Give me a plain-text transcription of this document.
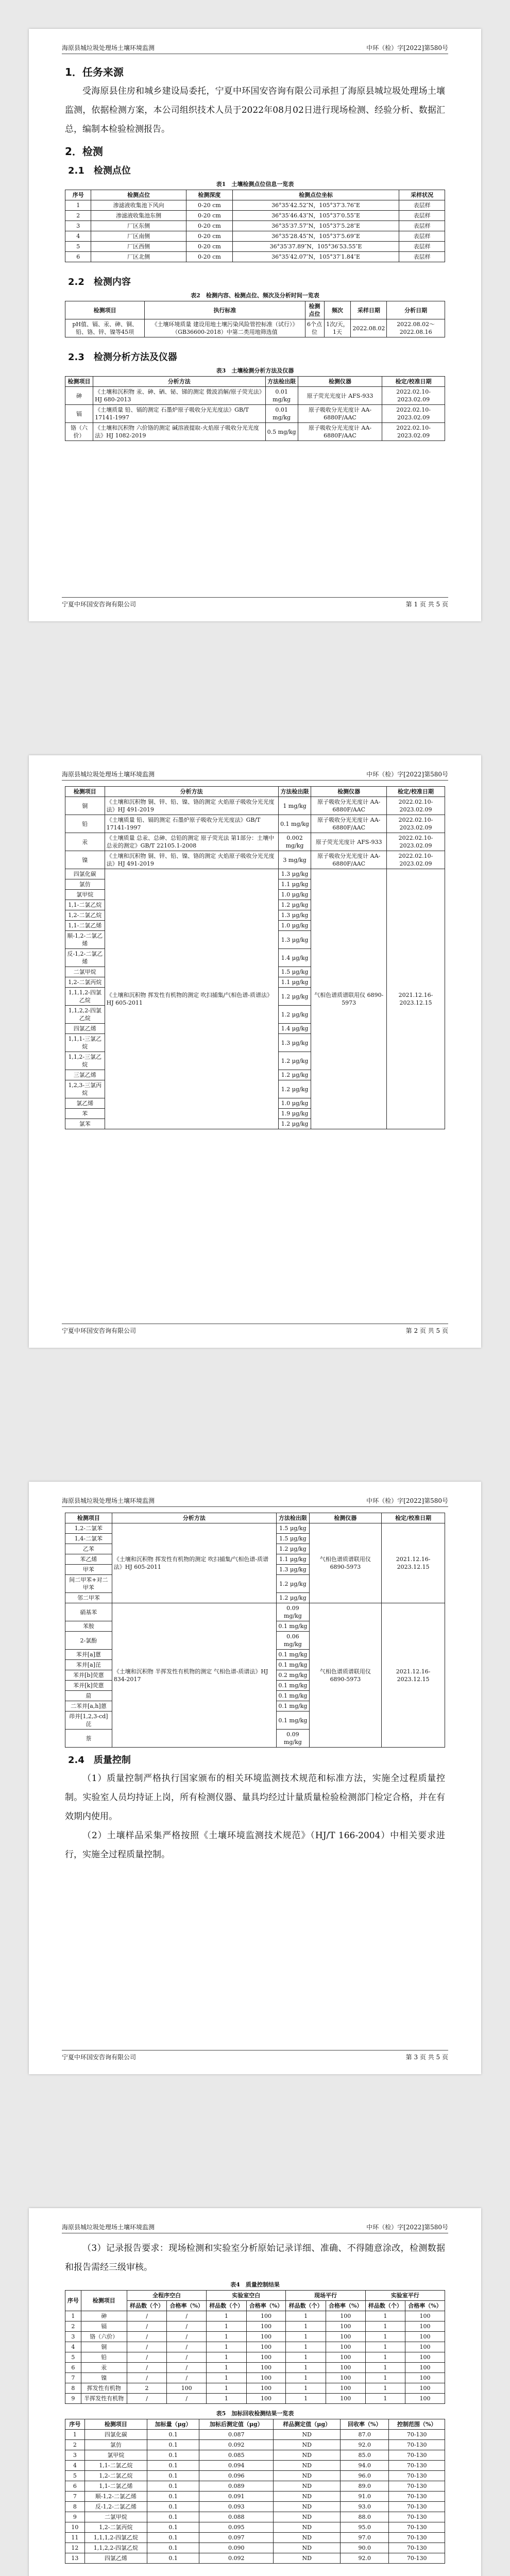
海原县城垃圾处理场土壤环境监测	中环（检）字[2022]第580号
1．任务来源

受海原县住房和城乡建设局委托，宁夏中环国安咨询有限公司承担了海原县城垃圾处理场土壤监测，依据检测方案，本公司组织技术人员于2022年08月02日进行现场检测、经验分析、数据汇总，编制本检验检测报告。

2．检测
2.1　检测点位
表1　土壤检测点位信息一览表
序号	检测点位	检测深度	检测点位坐标	采样状况
1	渗滤液收集池下风向	0-20 cm	36°35′42.52″N，105°37′3.76″E	表层样
2	渗滤液收集池东侧	0-20 cm	36°35′46.43″N，105°37′0.55″E	表层样
3	厂区东侧	0-20 cm	36°35′37.57″N，105°37′5.28″E	表层样
4	厂区南侧	0-20 cm	36°35′28.45″N，105°37′5.69″E	表层样
5	厂区西侧	0-20 cm	36°35′37.89″N，105°36′53.55″E	表层样
6	厂区北侧	0-20 cm	36°35′42.07″N，105°37′1.84″E	表层样
2.2　检测内容
表2　检测内容、检测点位、频次及分析时间一览表
检测项目	执行标准	检测点位	频次	采样日期	分析日期
pH值、镉、汞、砷、铜、铅、铬、锌、镍等45项	《土壤环境质量 建设用地土壤污染风险管控标准（试行）》（GB36600-2018）中第二类用地筛选值	6个点位	1次/天，1天	2022.08.02	2022.08.02～2022.08.16
2.3　检测分析方法及仪器
表3　土壤检测分析方法及仪器
检测项目	分析方法	方法检出限	检测仪器	检定/校准日期
砷	《土壤和沉积物 汞、砷、硒、铋、锑的测定 微波消解/原子荧光法》HJ 680-2013	0.01 mg/kg	原子荧光光度计 AFS-933	2022.02.10-2023.02.09
镉	《土壤质量 铅、镉的测定 石墨炉原子吸收分光光度法》GB/T 17141-1997	0.01 mg/kg	原子吸收分光光度计 AA-6880F/AAC	2022.02.10-2023.02.09
铬（六价）	《土壤和沉积物 六价铬的测定 碱溶液提取-火焰原子吸收分光光度法》HJ 1082-2019	0.5 mg/kg	原子吸收分光光度计 AA-6880F/AAC	2022.02.10-2023.02.09
宁夏中环国安咨询有限公司	第 1 页 共 5 页
海原县城垃圾处理场土壤环境监测	中环（检）字[2022]第580号
检测项目	分析方法	方法检出限	检测仪器	检定/校准日期
铜	《土壤和沉积物 铜、锌、铅、镍、铬的测定 火焰原子吸收分光光度法》HJ 491-2019	1 mg/kg	原子吸收分光光度计 AA-6880F/AAC	2022.02.10-2023.02.09
铅	《土壤质量 铅、镉的测定 石墨炉原子吸收分光光度法》GB/T 17141-1997	0.1 mg/kg	原子吸收分光光度计 AA-6880F/AAC	2022.02.10-2023.02.09
汞	《土壤质量 总汞、总砷、总铅的测定 原子荧光法 第1部分：土壤中总汞的测定》GB/T 22105.1-2008	0.002 mg/kg	原子荧光光度计 AFS-933	2022.02.10-2023.02.09
镍	《土壤和沉积物 铜、锌、铅、镍、铬的测定 火焰原子吸收分光光度法》HJ 491-2019	3 mg/kg	原子吸收分光光度计 AA-6880F/AAC	2022.02.10-2023.02.09
四氯化碳	《土壤和沉积物 挥发性有机物的测定 吹扫捕集/气相色谱-质谱法》HJ 605-2011	1.3 μg/kg	气相色谱质谱联用仪 6890-5973	2021.12.16-2023.12.15
氯仿		1.1 μg/kg		
氯甲烷		1.0 μg/kg		
1,1-二氯乙烷		1.2 μg/kg		
1,2-二氯乙烷		1.3 μg/kg		
1,1-二氯乙烯		1.0 μg/kg		
顺-1,2-二氯乙烯		1.3 μg/kg		
反-1,2-二氯乙烯		1.4 μg/kg		
二氯甲烷		1.5 μg/kg		
1,2-二氯丙烷		1.1 μg/kg		
1,1,1,2-四氯乙烷		1.2 μg/kg		
1,1,2,2-四氯乙烷		1.2 μg/kg		
四氯乙烯		1.4 μg/kg		
1,1,1-三氯乙烷		1.3 μg/kg		
1,1,2-三氯乙烷		1.2 μg/kg		
三氯乙烯		1.2 μg/kg		
1,2,3-三氯丙烷		1.2 μg/kg		
氯乙烯		1.0 μg/kg		
苯		1.9 μg/kg		
氯苯		1.2 μg/kg		
宁夏中环国安咨询有限公司	第 2 页 共 5 页
海原县城垃圾处理场土壤环境监测	中环（检）字[2022]第580号
检测项目	分析方法	方法检出限	检测仪器	检定/校准日期
1,2-二氯苯	《土壤和沉积物 挥发性有机物的测定 吹扫捕集/气相色谱-质谱法》HJ 605-2011	1.5 μg/kg	气相色谱质谱联用仪 6890-5973	2021.12.16-2023.12.15
1,4-二氯苯		1.5 μg/kg		
乙苯		1.2 μg/kg		
苯乙烯		1.1 μg/kg		
甲苯		1.3 μg/kg		
间二甲苯+对二甲苯		1.2 μg/kg		
邻二甲苯		1.2 μg/kg		
硝基苯	《土壤和沉积物 半挥发性有机物的测定 气相色谱-质谱法》HJ 834-2017	0.09 mg/kg	气相色谱质谱联用仪 6890-5973	2021.12.16-2023.12.15
苯胺		0.1 mg/kg		
2-氯酚		0.06 mg/kg		
苯并[a]蒽		0.1 mg/kg		
苯并[a]芘		0.1 mg/kg		
苯并[b]荧蒽		0.2 mg/kg		
苯并[k]荧蒽		0.1 mg/kg		
䓛		0.1 mg/kg		
二苯并[a,h]蒽		0.1 mg/kg		
茚并[1,2,3-cd]芘		0.1 mg/kg		
萘		0.09 mg/kg		
2.4　质量控制

（1）质量控制严格执行国家颁布的相关环境监测技术规范和标准方法，实施全过程质量控制。实验室人员均持证上岗，所有检测仪器、量具均经过计量质量检验检测部门检定合格，并在有效期内使用。

（2）土壤样品采集严格按照《土壤环境监测技术规范》（HJ/T 166-2004）中相关要求进行，实施全过程质量控制。

宁夏中环国安咨询有限公司	第 3 页 共 5 页
海原县城垃圾处理场土壤环境监测	中环（检）字[2022]第580号

（3）记录报告要求：现场检测和实验室分析原始记录详细、准确、不得随意涂改，检测数据和报告需经三级审核。

表4　质量控制结果
序号	检测项目	全程序空白		实验室空白		现场平行		实验室平行	
		样品数（个）	合格率（%）	样品数（个）	合格率（%）	样品数（个）	合格率（%）	样品数（个）	合格率（%）
1	砷	/	/	1	100	1	100	1	100
2	镉	/	/	1	100	1	100	1	100
3	铬（六价）	/	/	1	100	1	100	1	100
4	铜	/	/	1	100	1	100	1	100
5	铅	/	/	1	100	1	100	1	100
6	汞	/	/	1	100	1	100	1	100
7	镍	/	/	1	100	1	100	1	100
8	挥发性有机物	2	100	1	100	1	100	1	100
9	半挥发性有机物	/	/	1	100	1	100	1	100
表5　加标回收检测结果一览表
序号	检测项目	加标量（μg）	加标后测定值（μg）	样品测定值（μg）	回收率（%）	控制范围（%）
1	四氯化碳	0.1	0.087	ND	87.0	70-130
2	氯仿	0.1	0.092	ND	92.0	70-130
3	氯甲烷	0.1	0.085	ND	85.0	70-130
4	1,1-二氯乙烷	0.1	0.094	ND	94.0	70-130
5	1,2-二氯乙烷	0.1	0.096	ND	96.0	70-130
6	1,1-二氯乙烯	0.1	0.089	ND	89.0	70-130
7	顺-1,2-二氯乙烯	0.1	0.091	ND	91.0	70-130
8	反-1,2-二氯乙烯	0.1	0.093	ND	93.0	70-130
9	二氯甲烷	0.1	0.088	ND	88.0	70-130
10	1,2-二氯丙烷	0.1	0.095	ND	95.0	70-130
11	1,1,1,2-四氯乙烷	0.1	0.097	ND	97.0	70-130
12	1,1,2,2-四氯乙烷	0.1	0.090	ND	90.0	70-130
13	四氯乙烯	0.1	0.092	ND	92.0	70-130
